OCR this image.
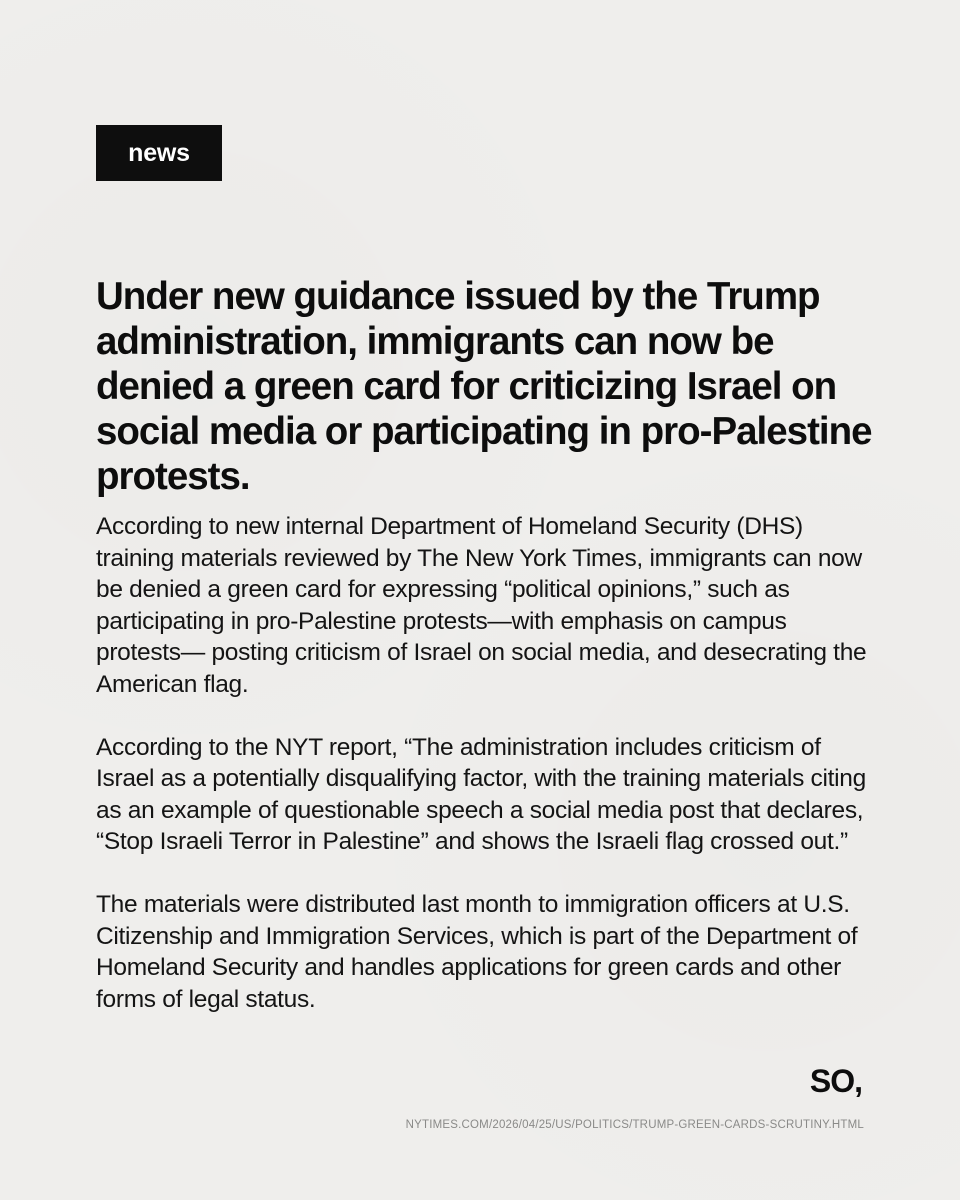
news
Under new guidance issued by the Trump administration, immigrants can now be denied a green card for criticizing Israel on social media or participating in pro-Palestine protests.

According to new internal Department of Homeland Security (DHS) training materials reviewed by The New York Times, immigrants can now be denied a green card for expressing “political opinions,” such as participating in pro-Palestine protests—with emphasis on campus protests— posting criticism of Israel on social media, and desecrating the American flag.

According to the NYT report, “The administration includes criticism of Israel as a potentially disqualifying factor, with the training materials citing as an example of questionable speech a social media post that declares, “Stop Israeli Terror in Palestine” and shows the Israeli flag crossed out.”

The materials were distributed last month to immigration officers at U.S. Citizenship and Immigration Services, which is part of the Department of Homeland Security and handles applications for green cards and other forms of legal status.

SO,
NYTIMES.COM/2026/04/25/US/POLITICS/TRUMP-GREEN-CARDS-SCRUTINY.HTML
